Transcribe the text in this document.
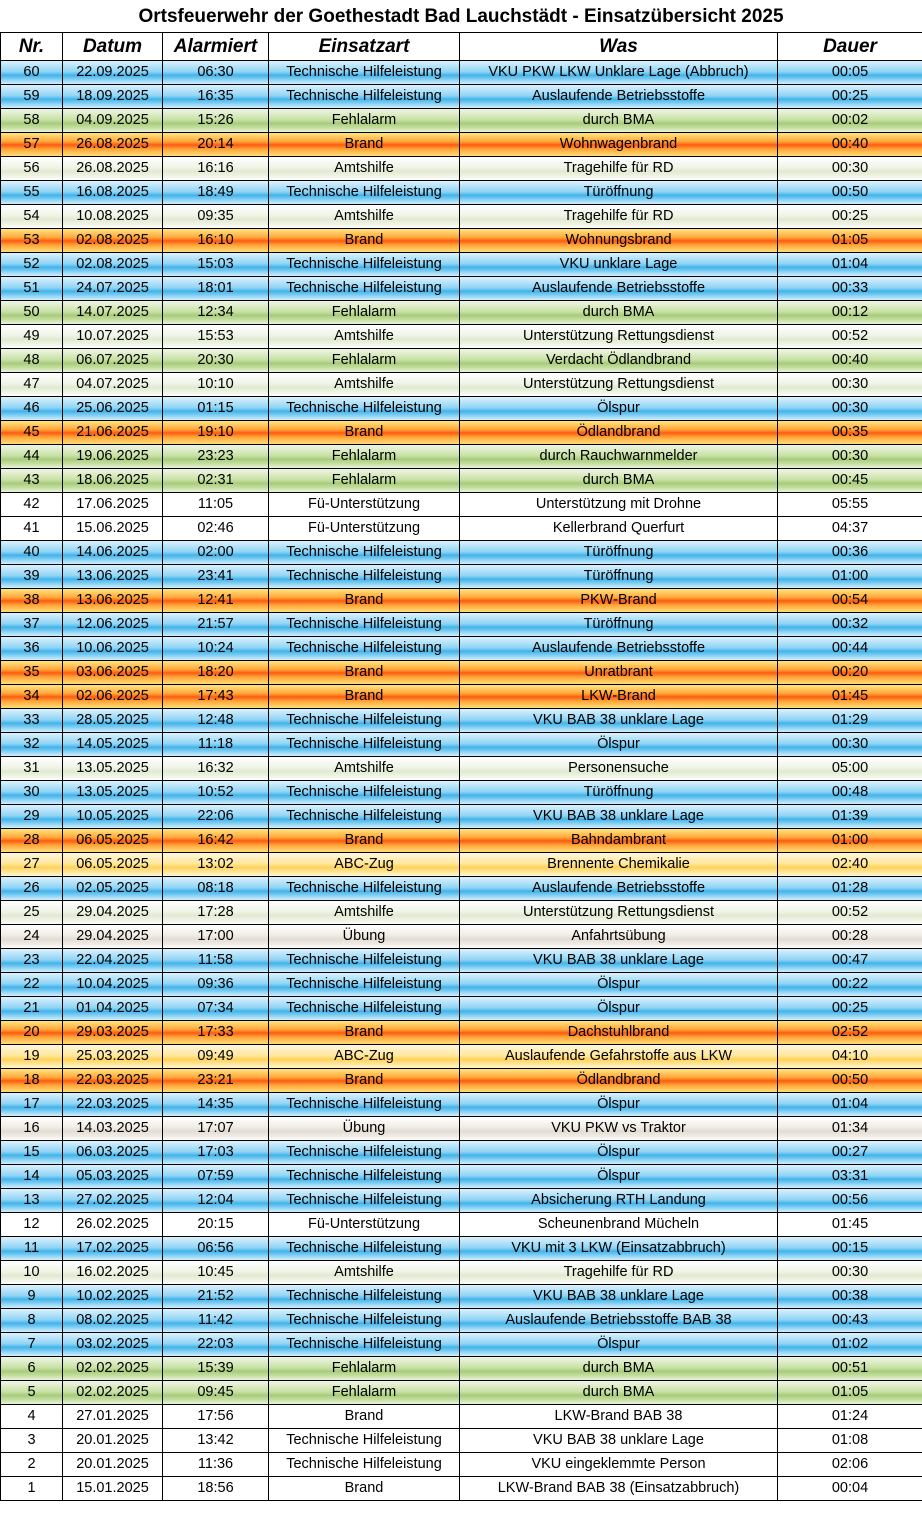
Ortsfeuerwehr der Goethestadt Bad Lauchstädt - Einsatzübersicht 2025
Nr.	Datum	Alarmiert	Einsatzart	Was	Dauer
60	22.09.2025	06:30	Technische Hilfeleistung	VKU PKW LKW Unklare Lage (Abbruch)	00:05
59	18.09.2025	16:35	Technische Hilfeleistung	Auslaufende Betriebsstoffe	00:25
58	04.09.2025	15:26	Fehlalarm	durch BMA	00:02
57	26.08.2025	20:14	Brand	Wohnwagenbrand	00:40
56	26.08.2025	16:16	Amtshilfe	Tragehilfe für RD	00:30
55	16.08.2025	18:49	Technische Hilfeleistung	Türöffnung	00:50
54	10.08.2025	09:35	Amtshilfe	Tragehilfe für RD	00:25
53	02.08.2025	16:10	Brand	Wohnungsbrand	01:05
52	02.08.2025	15:03	Technische Hilfeleistung	VKU unklare Lage	01:04
51	24.07.2025	18:01	Technische Hilfeleistung	Auslaufende Betriebsstoffe	00:33
50	14.07.2025	12:34	Fehlalarm	durch BMA	00:12
49	10.07.2025	15:53	Amtshilfe	Unterstützung Rettungsdienst	00:52
48	06.07.2025	20:30	Fehlalarm	Verdacht Ödlandbrand	00:40
47	04.07.2025	10:10	Amtshilfe	Unterstützung Rettungsdienst	00:30
46	25.06.2025	01:15	Technische Hilfeleistung	Ölspur	00:30
45	21.06.2025	19:10	Brand	Ödlandbrand	00:35
44	19.06.2025	23:23	Fehlalarm	durch Rauchwarnmelder	00:30
43	18.06.2025	02:31	Fehlalarm	durch BMA	00:45
42	17.06.2025	11:05	Fü-Unterstützung	Unterstützung mit Drohne	05:55
41	15.06.2025	02:46	Fü-Unterstützung	Kellerbrand Querfurt	04:37
40	14.06.2025	02:00	Technische Hilfeleistung	Türöffnung	00:36
39	13.06.2025	23:41	Technische Hilfeleistung	Türöffnung	01:00
38	13.06.2025	12:41	Brand	PKW-Brand	00:54
37	12.06.2025	21:57	Technische Hilfeleistung	Türöffnung	00:32
36	10.06.2025	10:24	Technische Hilfeleistung	Auslaufende Betriebsstoffe	00:44
35	03.06.2025	18:20	Brand	Unratbrant	00:20
34	02.06.2025	17:43	Brand	LKW-Brand	01:45
33	28.05.2025	12:48	Technische Hilfeleistung	VKU BAB 38 unklare Lage	01:29
32	14.05.2025	11:18	Technische Hilfeleistung	Ölspur	00:30
31	13.05.2025	16:32	Amtshilfe	Personensuche	05:00
30	13.05.2025	10:52	Technische Hilfeleistung	Türöffnung	00:48
29	10.05.2025	22:06	Technische Hilfeleistung	VKU BAB 38 unklare Lage	01:39
28	06.05.2025	16:42	Brand	Bahndambrant	01:00
27	06.05.2025	13:02	ABC-Zug	Brennente Chemikalie	02:40
26	02.05.2025	08:18	Technische Hilfeleistung	Auslaufende Betriebsstoffe	01:28
25	29.04.2025	17:28	Amtshilfe	Unterstützung Rettungsdienst	00:52
24	29.04.2025	17:00	Übung	Anfahrtsübung	00:28
23	22.04.2025	11:58	Technische Hilfeleistung	VKU BAB 38 unklare Lage	00:47
22	10.04.2025	09:36	Technische Hilfeleistung	Ölspur	00:22
21	01.04.2025	07:34	Technische Hilfeleistung	Ölspur	00:25
20	29.03.2025	17:33	Brand	Dachstuhlbrand	02:52
19	25.03.2025	09:49	ABC-Zug	Auslaufende Gefahrstoffe aus LKW	04:10
18	22.03.2025	23:21	Brand	Ödlandbrand	00:50
17	22.03.2025	14:35	Technische Hilfeleistung	Ölspur	01:04
16	14.03.2025	17:07	Übung	VKU PKW vs Traktor	01:34
15	06.03.2025	17:03	Technische Hilfeleistung	Ölspur	00:27
14	05.03.2025	07:59	Technische Hilfeleistung	Ölspur	03:31
13	27.02.2025	12:04	Technische Hilfeleistung	Absicherung RTH Landung	00:56
12	26.02.2025	20:15	Fü-Unterstützung	Scheunenbrand Mücheln	01:45
11	17.02.2025	06:56	Technische Hilfeleistung	VKU mit 3 LKW (Einsatzabbruch)	00:15
10	16.02.2025	10:45	Amtshilfe	Tragehilfe für RD	00:30
9	10.02.2025	21:52	Technische Hilfeleistung	VKU BAB 38 unklare Lage	00:38
8	08.02.2025	11:42	Technische Hilfeleistung	Auslaufende Betriebsstoffe BAB 38	00:43
7	03.02.2025	22:03	Technische Hilfeleistung	Ölspur	01:02
6	02.02.2025	15:39	Fehlalarm	durch BMA	00:51
5	02.02.2025	09:45	Fehlalarm	durch BMA	01:05
4	27.01.2025	17:56	Brand	LKW-Brand BAB 38	01:24
3	20.01.2025	13:42	Technische Hilfeleistung	VKU BAB 38 unklare Lage	01:08
2	20.01.2025	11:36	Technische Hilfeleistung	VKU eingeklemmte Person	02:06
1	15.01.2025	18:56	Brand	LKW-Brand BAB 38 (Einsatzabbruch)	00:04
